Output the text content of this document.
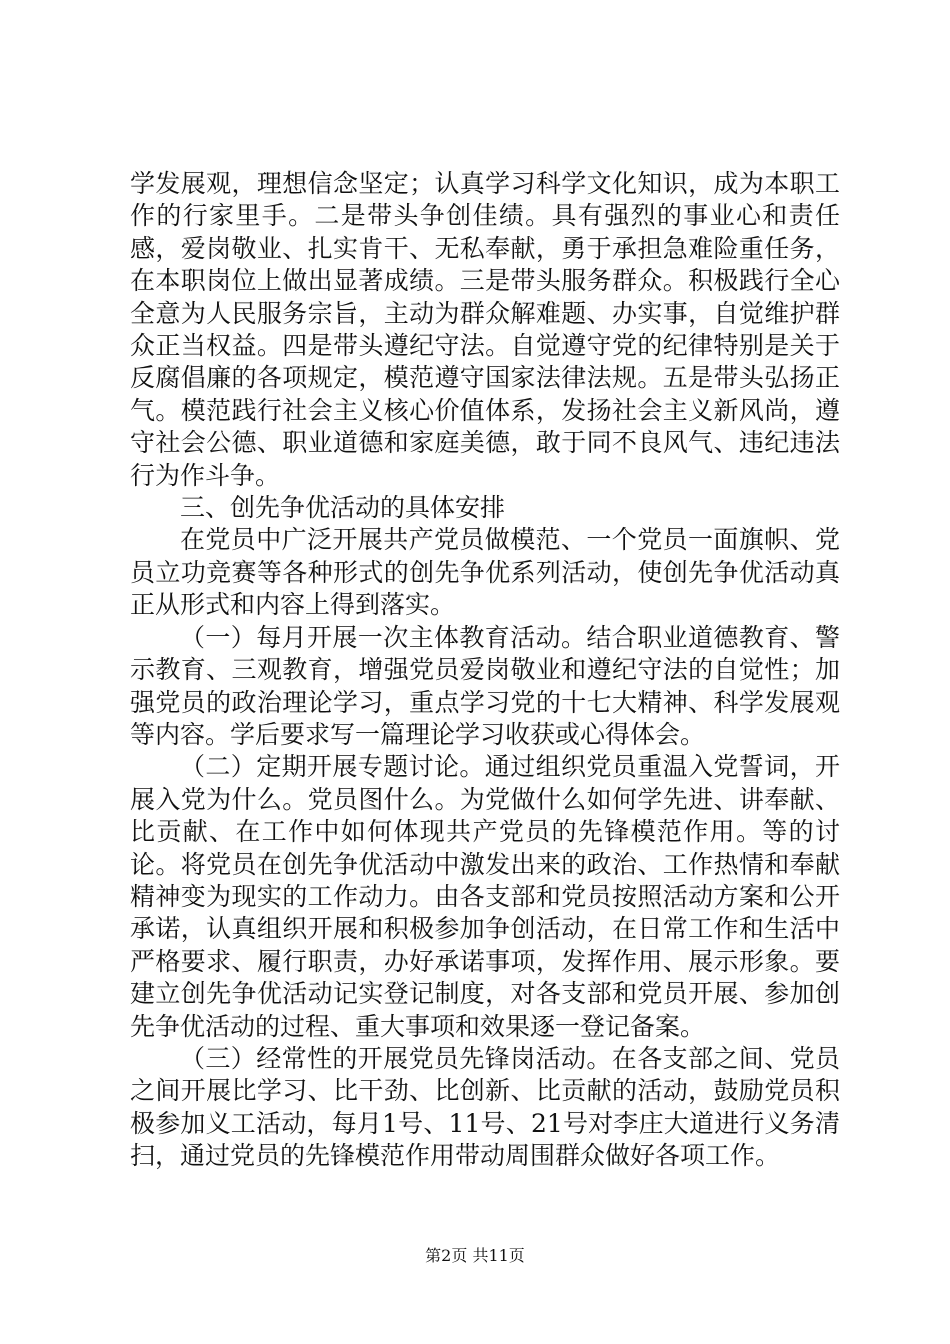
学发展观，理想信念坚定；认真学习科学文化知识，成为本职工作的行家里手。二是带头争创佳绩。具有强烈的事业心和责任感，爱岗敬业、扎实肯干、无私奉献，勇于承担急难险重任务，在本职岗位上做出显著成绩。三是带头服务群众。积极践行全心全意为人民服务宗旨，主动为群众解难题、办实事，自觉维护群众正当权益。四是带头遵纪守法。自觉遵守党的纪律特别是关于反腐倡廉的各项规定，模范遵守国家法律法规。五是带头弘扬正气。模范践行社会主义核心价值体系，发扬社会主义新风尚，遵守社会公德、职业道德和家庭美德，敢于同不良风气、违纪违法行为作斗争。

三、创先争优活动的具体安排

在党员中广泛开展共产党员做模范、一个党员一面旗帜、党员立功竞赛等各种形式的创先争优系列活动，使创先争优活动真正从形式和内容上得到落实。

（一）每月开展一次主体教育活动。结合职业道德教育、警示教育、三观教育，增强党员爱岗敬业和遵纪守法的自觉性；加强党员的政治理论学习，重点学习党的十七大精神、科学发展观等内容。学后要求写一篇理论学习收获或心得体会。

（二）定期开展专题讨论。通过组织党员重温入党誓词，开展入党为什么。党员图什么。为党做什么如何学先进、讲奉献、比贡献、在工作中如何体现共产党员的先锋模范作用。等的讨论。将党员在创先争优活动中激发出来的政治、工作热情和奉献精神变为现实的工作动力。由各支部和党员按照活动方案和公开承诺，认真组织开展和积极参加争创活动，在日常工作和生活中严格要求、履行职责，办好承诺事项，发挥作用、展示形象。要建立创先争优活动记实登记制度，对各支部和党员开展、参加创先争优活动的过程、重大事项和效果逐一登记备案。

（三）经常性的开展党员先锋岗活动。在各支部之间、党员之间开展比学习、比干劲、比创新、比贡献的活动，鼓励党员积极参加义工活动，每月1号、11号、21号对李庄大道进行义务清扫，通过党员的先锋模范作用带动周围群众做好各项工作。

第2页 共11页
